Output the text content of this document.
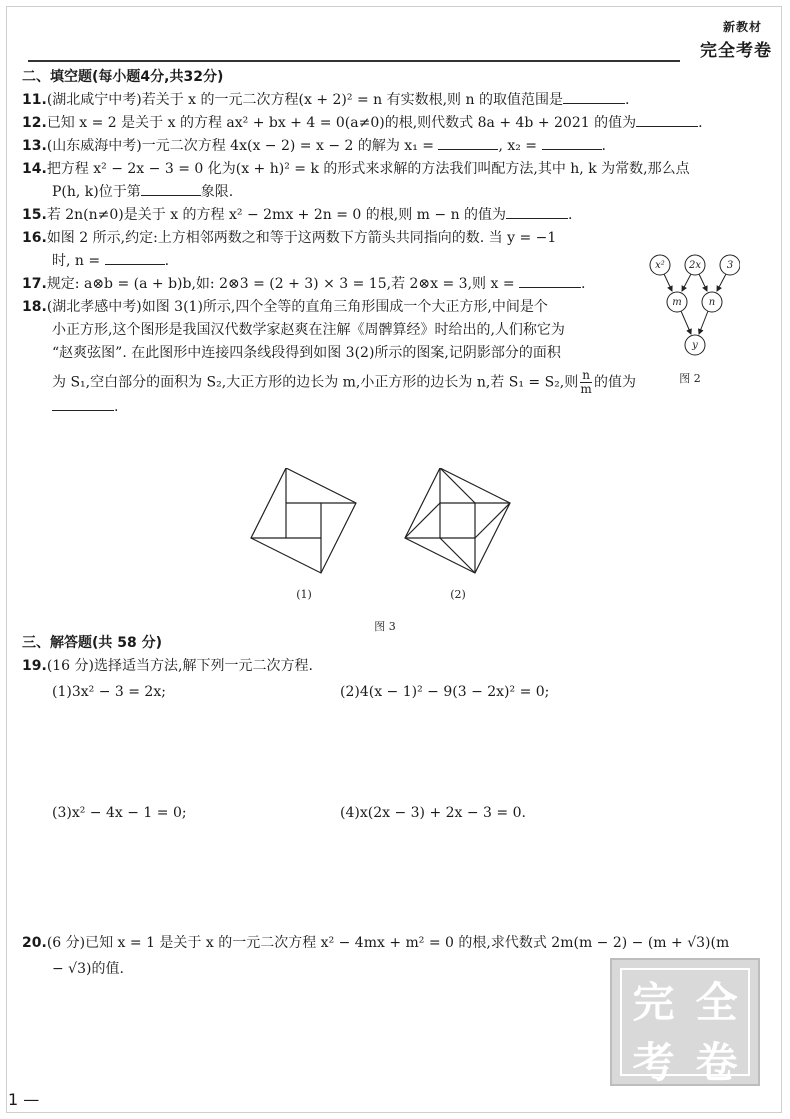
新教材
完全考卷
二、填空题(每小题4分,共32分)
11.(湖北咸宁中考)若关于 x 的一元二次方程(x + 2)² = n 有实数根,则 n 的取值范围是	.
12.已知 x = 2 是关于 x 的方程 ax² + bx + 4 = 0(a≠0)的根,则代数式 8a + 4b + 2021 的值为	.
13.(山东威海中考)一元二次方程 4x(x − 2) = x − 2 的解为 x₁ =	, x₂ =	.
14.把方程 x² − 2x − 3 = 0 化为(x + h)² = k 的形式来求解的方法我们叫配方法,其中 h, k 为常数,那么点
P(h, k)位于第	象限.
15.若 2n(n≠0)是关于 x 的方程 x² − 2mx + 2n = 0 的根,则 m − n 的值为	.
16.如图 2 所示,约定:上方相邻两数之和等于这两数下方箭头共同指向的数. 当 y = −1
时, n =	.
17.规定: a⊗b = (a + b)b,如: 2⊗3 = (2 + 3) × 3 = 15,若 2⊗x = 3,则 x =	.
18.(湖北孝感中考)如图 3(1)所示,四个全等的直角三角形围成一个大正方形,中间是个
小正方形,这个图形是我国汉代数学家赵爽在注解《周髀算经》时给出的,人们称它为
“赵爽弦图”. 在此图形中连接四条线段得到如图 3(2)所示的图案,记阴影部分的面积
为 S₁,空白部分的面积为 S₂,大正方形的边长为 m,小正方形的边长为 n,若 S₁ = S₂,则 $\frac{n}{m}$ 的值为
.
x² 2x	3
m	n
y
图 2
(1)	(2)
图 3
三、解答题(共 58 分)
19.(16 分)选择适当方法,解下列一元二次方程.
(1)3x² − 3 = 2x;	(2)4(x − 1)² − 9(3 − 2x)² = 0;
(3)x² − 4x − 1 = 0;	(4)x(2x − 3) + 2x − 3 = 0.
20.(6 分)已知 x = 1 是关于 x 的一元二次方程 x² − 4mx + m² = 0 的根,求代数式 2m(m − 2) − (m + √3)(m
− √3)的值.
完 全
考 卷
1 —
